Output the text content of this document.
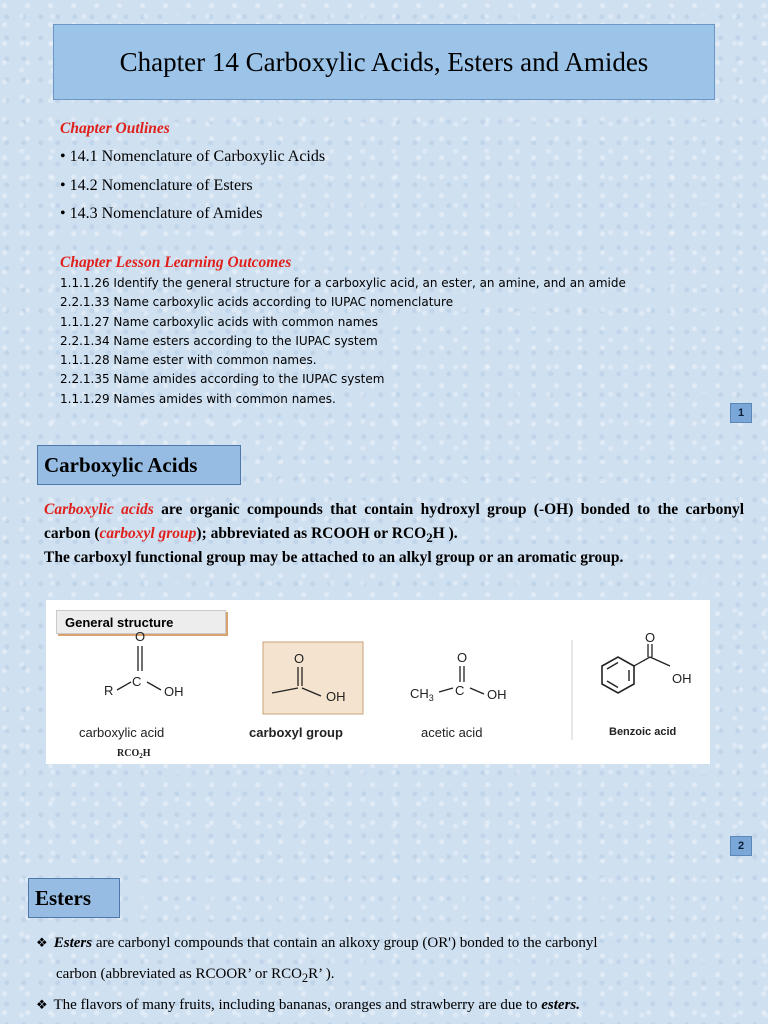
Chapter 14 Carboxylic Acids, Esters and Amides
Chapter Outlines
• 14.1 Nomenclature of Carboxylic Acids
• 14.2 Nomenclature of Esters
• 14.3 Nomenclature of Amides
Chapter Lesson Learning Outcomes
1.1.1.26 Identify the general structure for a carboxylic acid, an ester, an amine, and an amide
2.2.1.33 Name carboxylic acids according to IUPAC nomenclature
1.1.1.27 Name carboxylic acids with common names
2.2.1.34 Name esters according to the IUPAC system
1.1.1.28 Name ester with common names.
2.2.1.35 Name amides according to the IUPAC system
1.1.1.29 Names amides with common names.
1
Carboxylic Acids
Carboxylic acids are organic compounds that contain hydroxyl group (-OH) bonded to the carbonyl carbon (carboxyl group); abbreviated as RCOOH or $RCO_2H$ ).
The carboxyl functional group may be attached to an alkyl group or an aromatic group.
General structure
O
C
R	OH
carboxylic acid
$RCO_2H$
O
OH
carboxyl group
O
C
$CH_3$	OH
acetic acid
O
OH
Benzoic acid
2
Esters
❖ Esters are carbonyl compounds that contain an alkoxy group (OR') bonded to the carbonyl
carbon (abbreviated as RCOOR’ or $RCO_2R$’ ).
❖ The flavors of many fruits, including bananas, oranges and strawberry are due to esters.
